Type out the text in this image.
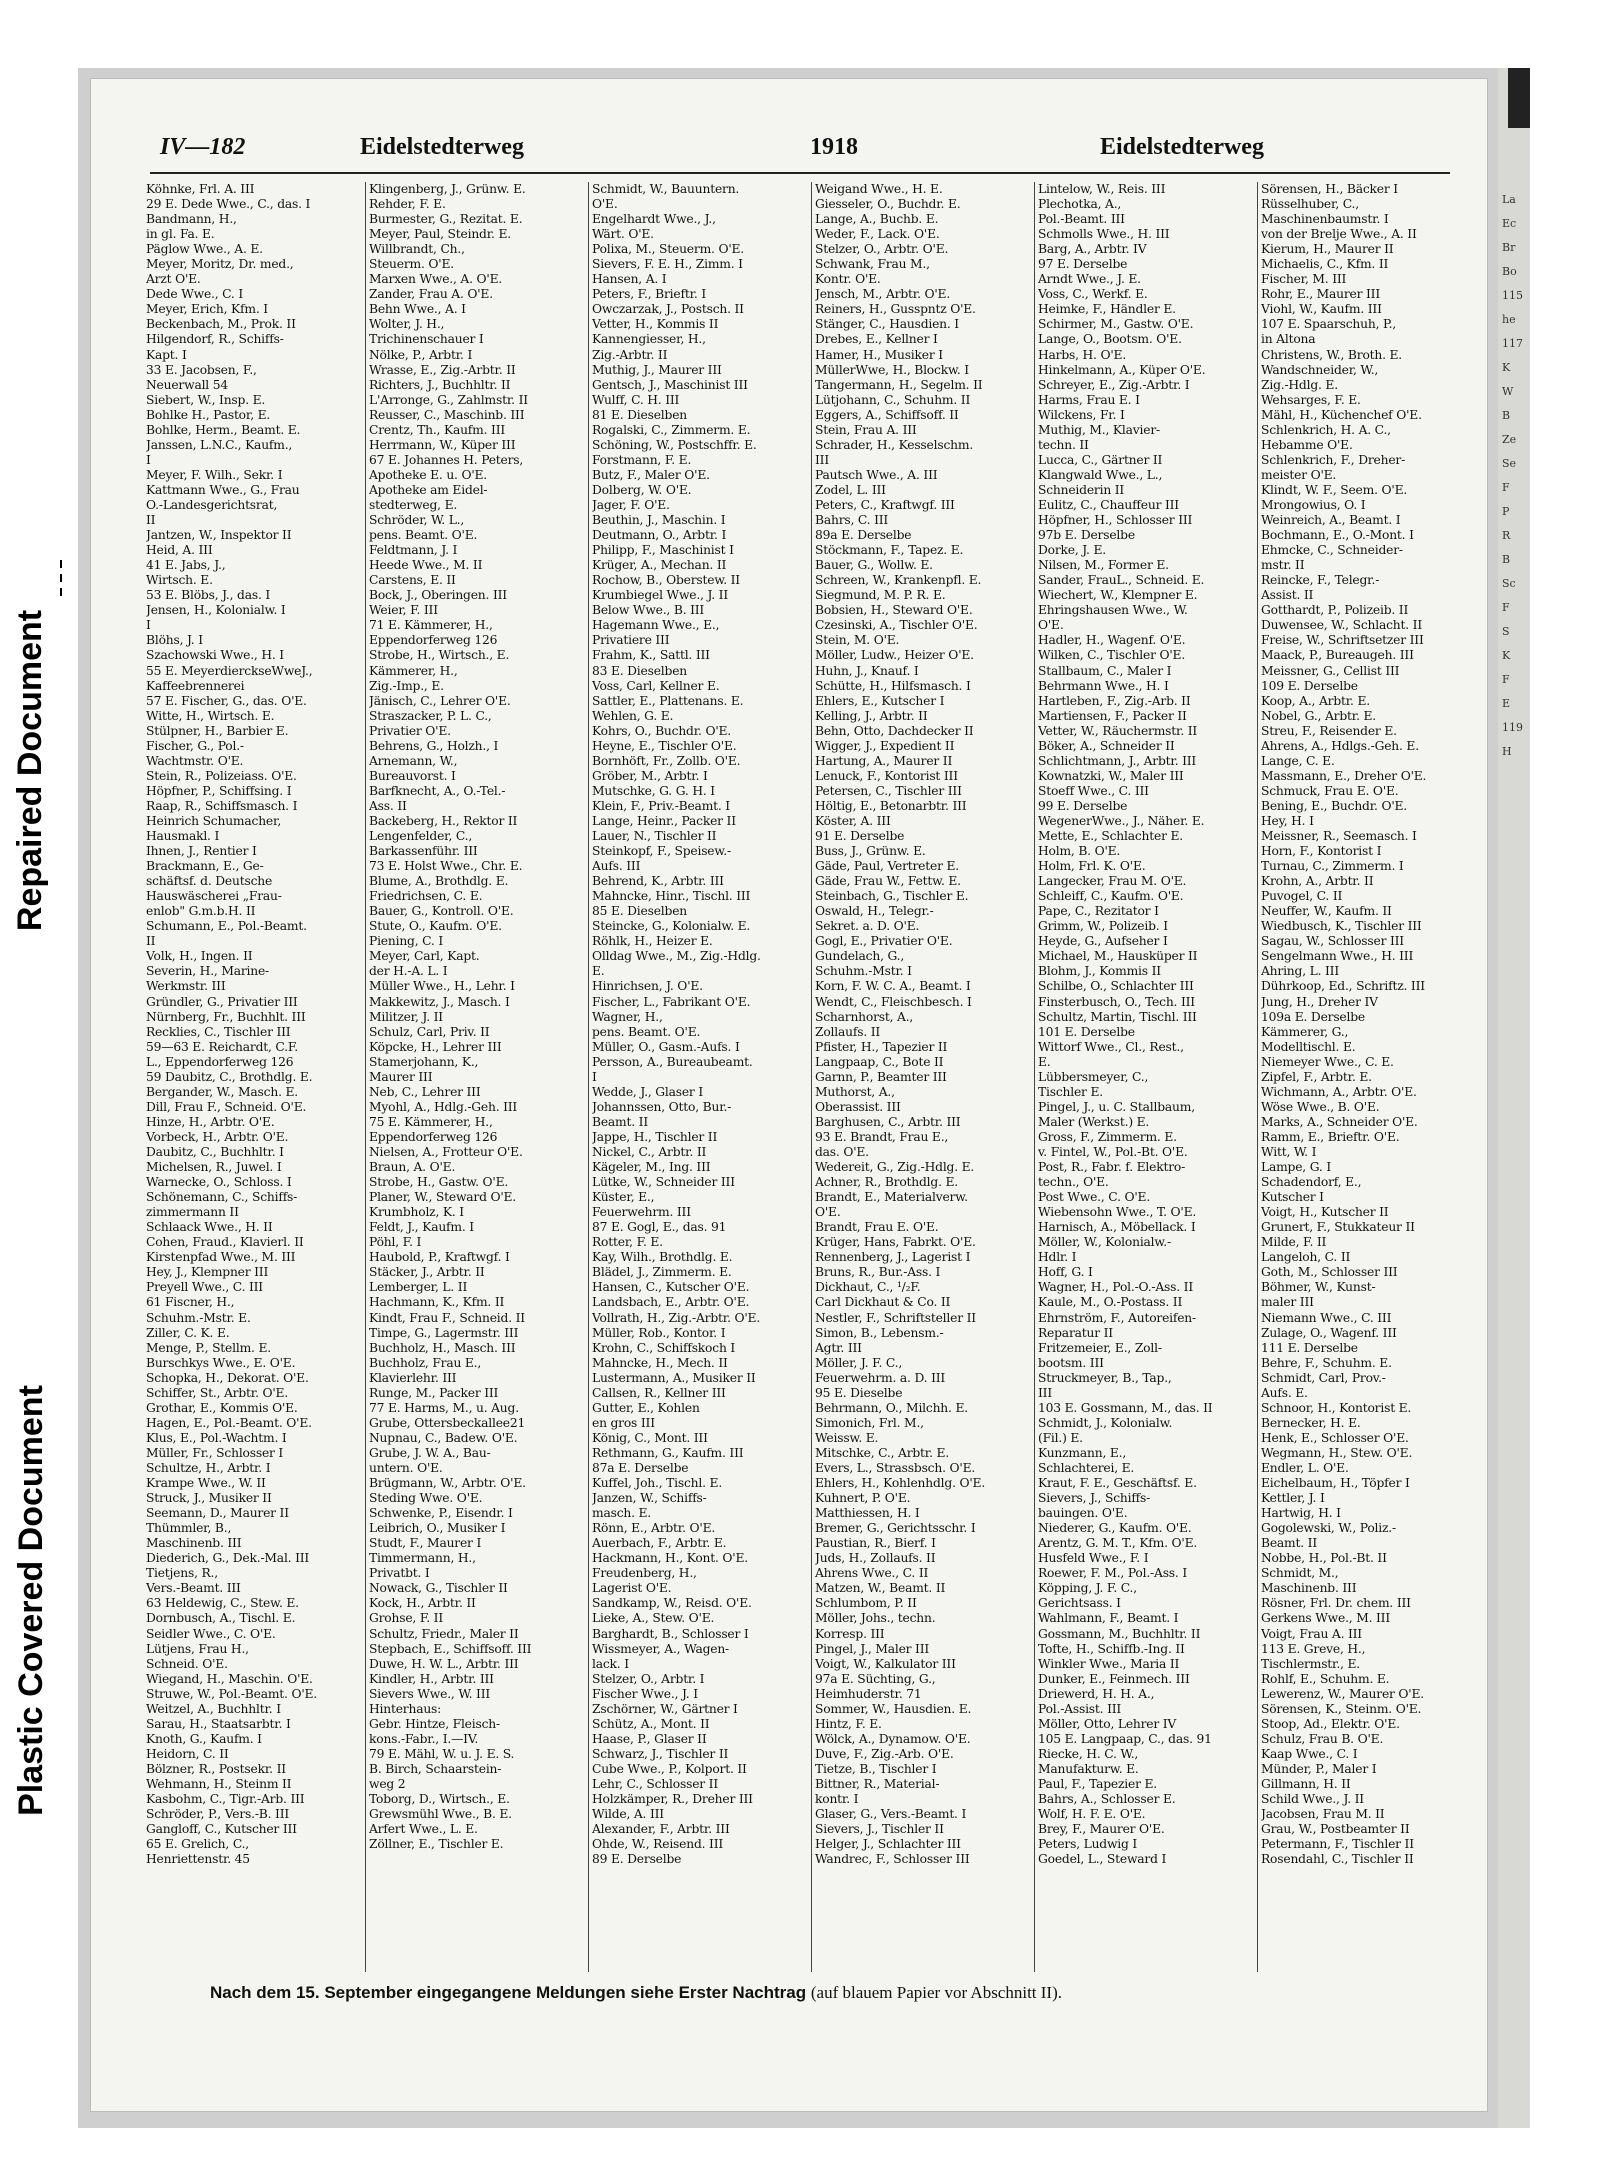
Repaired Document
Plastic Covered Document
IV—182	Eidelstedterweg	1918	Eidelstedterweg
Köhnke, Frl. A. III
29 E. Dede Wwe., C., das. I
Bandmann, H.,
in gl. Fa. E.
Päglow Wwe., A. E.
Meyer, Moritz, Dr. med.,
Arzt O'E.
Dede Wwe., C. I
Meyer, Erich, Kfm. I
Beckenbach, M., Prok. II
Hilgendorf, R., Schiffs-
Kapt. I
33 E. Jacobsen, F.,
Neuerwall 54
Siebert, W., Insp. E.
Bohlke H., Pastor, E.
Bohlke, Herm., Beamt. E.
Janssen, L.N.C., Kaufm.,
I
Meyer, F. Wilh., Sekr. I
Kattmann Wwe., G., Frau
O.-Landesgerichtsrat,
II
Jantzen, W., Inspektor II
Heid, A. III
41 E. Jabs, J.,
Wirtsch. E.
53 E. Blöbs, J., das. I
Jensen, H., Kolonialw. I
I
Blöhs, J. I
Szachowski Wwe., H. I
55 E. MeyerdierckseWweJ.,
Kaffeebrennerei
57 E. Fischer, G., das. O'E.
Witte, H., Wirtsch. E.
Stülpner, H., Barbier E.
Fischer, G., Pol.-
Wachtmstr. O'E.
Stein, R., Polizeiass. O'E.
Höpfner, P., Schiffsing. I
Raap, R., Schiffsmasch. I
Heinrich Schumacher,
Hausmakl. I
Ihnen, J., Rentier I
Brackmann, E., Ge-
schäftsf. d. Deutsche
Hauswäscherei „Frau-
enlob" G.m.b.H. II
Schumann, E., Pol.-Beamt.
II
Volk, H., Ingen. II
Severin, H., Marine-
Werkmstr. III
Gründler, G., Privatier III
Nürnberg, Fr., Buchhlt. III
Recklies, C., Tischler III
59—63 E. Reichardt, C.F.
L., Eppendorferweg 126
59 Daubitz, C., Brothdlg. E.
Bergander, W., Masch. E.
Dill, Frau F., Schneid. O'E.
Hinze, H., Arbtr. O'E.
Vorbeck, H., Arbtr. O'E.
Daubitz, C., Buchhltr. I
Michelsen, R., Juwel. I
Warnecke, O., Schloss. I
Schönemann, C., Schiffs-
zimmermann II
Schlaack Wwe., H. II
Cohen, Fraud., Klavierl. II
Kirstenpfad Wwe., M. III
Hey, J., Klempner III
Preyell Wwe., C. III
61 Fiscner, H.,
Schuhm.-Mstr. E.
Ziller, C. K. E.
Menge, P., Stellm. E.
Burschkys Wwe., E. O'E.
Schopka, H., Dekorat. O'E.
Schiffer, St., Arbtr. O'E.
Grothar, E., Kommis O'E.
Hagen, E., Pol.-Beamt. O'E.
Klus, E., Pol.-Wachtm. I
Müller, Fr., Schlosser I
Schultze, H., Arbtr. I
Krampe Wwe., W. II
Struck, J., Musiker II
Seemann, D., Maurer II
Thümmler, B.,
Maschinenb. III
Diederich, G., Dek.-Mal. III
Tietjens, R.,
Vers.-Beamt. III
63 Heldewig, C., Stew. E.
Dornbusch, A., Tischl. E.
Seidler Wwe., C. O'E.
Lütjens, Frau H.,
Schneid. O'E.
Wiegand, H., Maschin. O'E.
Struwe, W., Pol.-Beamt. O'E.
Weitzel, A., Buchhltr. I
Sarau, H., Staatsarbtr. I
Knoth, G., Kaufm. I
Heidorn, C. II
Bölzner, R., Postsekr. II
Wehmann, H., Steinm II
Kasbohm, C., Tigr.-Arb. III
Schröder, P., Vers.-B. III
Gangloff, C., Kutscher III
65 E. Grelich, C.,
Henriettenstr. 45
Klingenberg, J., Grünw. E.
Rehder, F. E.
Burmester, G., Rezitat. E.
Meyer, Paul, Steindr. E.
Willbrandt, Ch.,
Steuerm. O'E.
Marxen Wwe., A. O'E.
Zander, Frau A. O'E.
Behn Wwe., A. I
Wolter, J. H.,
Trichinenschauer I
Nölke, P., Arbtr. I
Wrasse, E., Zig.-Arbtr. II
Richters, J., Buchhltr. II
L'Arronge, G., Zahlmstr. II
Reusser, C., Maschinb. III
Crentz, Th., Kaufm. III
Herrmann, W., Küper III
67 E. Johannes H. Peters,
Apotheke E. u. O'E.
Apotheke am Eidel-
stedterweg, E.
Schröder, W. L.,
pens. Beamt. O'E.
Feldtmann, J. I
Heede Wwe., M. II
Carstens, E. II
Bock, J., Oberingen. III
Weier, F. III
71 E. Kämmerer, H.,
Eppendorferweg 126
Strobe, H., Wirtsch., E.
Kämmerer, H.,
Zig.-Imp., E.
Jänisch, C., Lehrer O'E.
Straszacker, P. L. C.,
Privatier O'E.
Behrens, G., Holzh., I
Arnemann, W.,
Bureauvorst. I
Barfknecht, A., O.-Tel.-
Ass. II
Backeberg, H., Rektor II
Lengenfelder, C.,
Barkassenführ. III
73 E. Holst Wwe., Chr. E.
Blume, A., Brothdlg. E.
Friedrichsen, C. E.
Bauer, G., Kontroll. O'E.
Stute, O., Kaufm. O'E.
Piening, C. I
Meyer, Carl, Kapt.
der H.-A. L. I
Müller Wwe., H., Lehr. I
Makkewitz, J., Masch. I
Militzer, J. II
Schulz, Carl, Priv. II
Köpcke, H., Lehrer III
Stamerjohann, K.,
Maurer III
Neb, C., Lehrer III
Myohl, A., Hdlg.-Geh. III
75 E. Kämmerer, H.,
Eppendorferweg 126
Nielsen, A., Frotteur O'E.
Braun, A. O'E.
Strobe, H., Gastw. O'E.
Planer, W., Steward O'E.
Krumbholz, K. I
Feldt, J., Kaufm. I
Pöhl, F. I
Haubold, P., Kraftwgf. I
Stäcker, J., Arbtr. II
Lemberger, L. II
Hachmann, K., Kfm. II
Kindt, Frau F., Schneid. II
Timpe, G., Lagermstr. III
Buchholz, H., Masch. III
Buchholz, Frau E.,
Klavierlehr. III
Runge, M., Packer III
77 E. Harms, M., u. Aug.
Grube, Ottersbeckallee21
Nupnau, C., Badew. O'E.
Grube, J. W. A., Bau-
untern. O'E.
Brügmann, W., Arbtr. O'E.
Steding Wwe. O'E.
Schwenke, P., Eisendr. I
Leibrich, O., Musiker I
Studt, F., Maurer I
Timmermann, H.,
Privatbt. I
Nowack, G., Tischler II
Kock, H., Arbtr. II
Grohse, F. II
Schultz, Friedr., Maler II
Stepbach, E., Schiffsoff. III
Duwe, H. W. L., Arbtr. III
Kindler, H., Arbtr. III
Sievers Wwe., W. III
Hinterhaus:
Gebr. Hintze, Fleisch-
kons.-Fabr., I.—IV.
79 E. Mähl, W. u. J. E. S.
B. Birch, Schaarstein-
weg 2
Toborg, D., Wirtsch., E.
Grewsmühl Wwe., B. E.
Arfert Wwe., L. E.
Zöllner, E., Tischler E.
Schmidt, W., Bauuntern.
O'E.
Engelhardt Wwe., J.,
Wärt. O'E.
Polixa, M., Steuerm. O'E.
Sievers, F. E. H., Zimm. I
Hansen, A. I
Peters, F., Brieftr. I
Owczarzak, J., Postsch. II
Vetter, H., Kommis II
Kannengiesser, H.,
Zig.-Arbtr. II
Muthig, J., Maurer III
Gentsch, J., Maschinist III
Wulff, C. H. III
81 E. Dieselben
Rogalski, C., Zimmerm. E.
Schöning, W., Postschffr. E.
Forstmann, F. E.
Butz, F., Maler O'E.
Dolberg, W. O'E.
Jager, F. O'E.
Beuthin, J., Maschin. I
Deutmann, O., Arbtr. I
Philipp, F., Maschinist I
Krüger, A., Mechan. II
Rochow, B., Oberstew. II
Krumbiegel Wwe., J. II
Below Wwe., B. III
Hagemann Wwe., E.,
Privatiere III
Frahm, K., Sattl. III
83 E. Dieselben
Voss, Carl, Kellner E.
Sattler, E., Plattenans. E.
Wehlen, G. E.
Kohrs, O., Buchdr. O'E.
Heyne, E., Tischler O'E.
Bornhöft, Fr., Zollb. O'E.
Gröber, M., Arbtr. I
Mutschke, G. G. H. I
Klein, F., Priv.-Beamt. I
Lange, Heinr., Packer II
Lauer, N., Tischler II
Steinkopf, F., Speisew.-
Aufs. III
Behrend, K., Arbtr. III
Mahncke, Hinr., Tischl. III
85 E. Dieselben
Steincke, G., Kolonialw. E.
Röhlk, H., Heizer E.
Olldag Wwe., M., Zig.-Hdlg.
E.
Hinrichsen, J. O'E.
Fischer, L., Fabrikant O'E.
Wagner, H.,
pens. Beamt. O'E.
Müller, O., Gasm.-Aufs. I
Persson, A., Bureaubeamt.
I
Wedde, J., Glaser I
Johannssen, Otto, Bur.-
Beamt. II
Jappe, H., Tischler II
Nickel, C., Arbtr. II
Kägeler, M., Ing. III
Lütke, W., Schneider III
Küster, E.,
Feuerwehrm. III
87 E. Gogl, E., das. 91
Rotter, F. E.
Kay, Wilh., Brothdlg. E.
Blädel, J., Zimmerm. E.
Hansen, C., Kutscher O'E.
Landsbach, E., Arbtr. O'E.
Vollrath, H., Zig.-Arbtr. O'E.
Müller, Rob., Kontor. I
Krohn, C., Schiffskoch I
Mahncke, H., Mech. II
Lustermann, A., Musiker II
Callsen, R., Kellner III
Gutter, E., Kohlen
en gros III
König, C., Mont. III
Rethmann, G., Kaufm. III
87a E. Derselbe
Kuffel, Joh., Tischl. E.
Janzen, W., Schiffs-
masch. E.
Rönn, E., Arbtr. O'E.
Auerbach, F., Arbtr. E.
Hackmann, H., Kont. O'E.
Freudenberg, H.,
Lagerist O'E.
Sandkamp, W., Reisd. O'E.
Lieke, A., Stew. O'E.
Barghardt, B., Schlosser I
Wissmeyer, A., Wagen-
lack. I
Stelzer, O., Arbtr. I
Fischer Wwe., J. I
Zschörner, W., Gärtner I
Schütz, A., Mont. II
Haase, P., Glaser II
Schwarz, J., Tischler II
Cube Wwe., P., Kolport. II
Lehr, C., Schlosser II
Holzkämper, R., Dreher III
Wilde, A. III
Alexander, F., Arbtr. III
Ohde, W., Reisend. III
89 E. Derselbe
Weigand Wwe., H. E.
Giesseler, O., Buchdr. E.
Lange, A., Buchb. E.
Weder, F., Lack. O'E.
Stelzer, O., Arbtr. O'E.
Schwank, Frau M.,
Kontr. O'E.
Jensch, M., Arbtr. O'E.
Reiners, H., Gusspntz O'E.
Stänger, C., Hausdien. I
Drebes, E., Kellner I
Hamer, H., Musiker I
MüllerWwe, H., Blockw. I
Tangermann, H., Segelm. II
Lütjohann, C., Schuhm. II
Eggers, A., Schiffsoff. II
Stein, Frau A. III
Schrader, H., Kesselschm.
III
Pautsch Wwe., A. III
Zodel, L. III
Peters, C., Kraftwgf. III
Bahrs, C. III
89a E. Derselbe
Stöckmann, F., Tapez. E.
Bauer, G., Wollw. E.
Schreen, W., Krankenpfl. E.
Siegmund, M. P. R. E.
Bobsien, H., Steward O'E.
Czesinski, A., Tischler O'E.
Stein, M. O'E.
Möller, Ludw., Heizer O'E.
Huhn, J., Knauf. I
Schütte, H., Hilfsmasch. I
Ehlers, E., Kutscher I
Kelling, J., Arbtr. II
Behn, Otto, Dachdecker II
Wigger, J., Expedient II
Hartung, A., Maurer II
Lenuck, F., Kontorist III
Petersen, C., Tischler III
Höltig, E., Betonarbtr. III
Köster, A. III
91 E. Derselbe
Buss, J., Grünw. E.
Gäde, Paul, Vertreter E.
Gäde, Frau W., Fettw. E.
Steinbach, G., Tischler E.
Oswald, H., Telegr.-
Sekret. a. D. O'E.
Gogl, E., Privatier O'E.
Gundelach, G.,
Schuhm.-Mstr. I
Korn, F. W. C. A., Beamt. I
Wendt, C., Fleischbesch. I
Scharnhorst, A.,
Zollaufs. II
Pfister, H., Tapezier II
Langpaap, C., Bote II
Garnn, P., Beamter III
Muthorst, A.,
Oberassist. III
Barghusen, C., Arbtr. III
93 E. Brandt, Frau E.,
das. O'E.
Wedereit, G., Zig.-Hdlg. E.
Achner, R., Brothdlg. E.
Brandt, E., Materialverw.
O'E.
Brandt, Frau E. O'E.
Krüger, Hans, Fabrkt. O'E.
Rennenberg, J., Lagerist I
Bruns, R., Bur.-Ass. I
Dickhaut, C., ¹/₂F.
Carl Dickhaut & Co. II
Nestler, F., Schriftsteller II
Simon, B., Lebensm.-
Agtr. III
Möller, J. F. C.,
Feuerwehrm. a. D. III
95 E. Dieselbe
Behrmann, O., Milchh. E.
Simonich, Frl. M.,
Weissw. E.
Mitschke, C., Arbtr. E.
Evers, L., Strassbsch. O'E.
Ehlers, H., Kohlenhdlg. O'E.
Kuhnert, P. O'E.
Matthiessen, H. I
Bremer, G., Gerichtsschr. I
Paustian, R., Bierf. I
Juds, H., Zollaufs. II
Ahrens Wwe., C. II
Matzen, W., Beamt. II
Schlumbom, P. II
Möller, Johs., techn.
Korresp. III
Pingel, J., Maler III
Voigt, W., Kalkulator III
97a E. Süchting, G.,
Heimhuderstr. 71
Sommer, W., Hausdien. E.
Hintz, F. E.
Wölck, A., Dynamow. O'E.
Duve, F., Zig.-Arb. O'E.
Tietze, B., Tischler I
Bittner, R., Material-
kontr. I
Glaser, G., Vers.-Beamt. I
Sievers, J., Tischler II
Helger, J., Schlachter III
Wandrec, F., Schlosser III
Lintelow, W., Reis. III
Plechotka, A.,
Pol.-Beamt. III
Schmolls Wwe., H. III
Barg, A., Arbtr. IV
97 E. Derselbe
Arndt Wwe., J. E.
Voss, C., Werkf. E.
Heimke, F., Händler E.
Schirmer, M., Gastw. O'E.
Lange, O., Bootsm. O'E.
Harbs, H. O'E.
Hinkelmann, A., Küper O'E.
Schreyer, E., Zig.-Arbtr. I
Harms, Frau E. I
Wilckens, Fr. I
Muthig, M., Klavier-
techn. II
Lucca, C., Gärtner II
Klangwald Wwe., L.,
Schneiderin II
Eulitz, C., Chauffeur III
Höpfner, H., Schlosser III
97b E. Derselbe
Dorke, J. E.
Nilsen, M., Former E.
Sander, FrauL., Schneid. E.
Wiechert, W., Klempner E.
Ehringshausen Wwe., W.
O'E.
Hadler, H., Wagenf. O'E.
Wilken, C., Tischler O'E.
Stallbaum, C., Maler I
Behrmann Wwe., H. I
Hartleben, F., Zig.-Arb. II
Martiensen, F., Packer II
Vetter, W., Räuchermstr. II
Böker, A., Schneider II
Schlichtmann, J., Arbtr. III
Kownatzki, W., Maler III
Stoeff Wwe., C. III
99 E. Derselbe
WegenerWwe., J., Näher. E.
Mette, E., Schlachter E.
Holm, B. O'E.
Holm, Frl. K. O'E.
Langecker, Frau M. O'E.
Schleiff, C., Kaufm. O'E.
Pape, C., Rezitator I
Grimm, W., Polizeib. I
Heyde, G., Aufseher I
Michael, M., Hausküper II
Blohm, J., Kommis II
Schilbe, O., Schlachter III
Finsterbusch, O., Tech. III
Schultz, Martin, Tischl. III
101 E. Derselbe
Wittorf Wwe., Cl., Rest.,
E.
Lübbersmeyer, C.,
Tischler E.
Pingel, J., u. C. Stallbaum,
Maler (Werkst.) E.
Gross, F., Zimmerm. E.
v. Fintel, W., Pol.-Bt. O'E.
Post, R., Fabr. f. Elektro-
techn., O'E.
Post Wwe., C. O'E.
Wiebensohn Wwe., T. O'E.
Harnisch, A., Möbellack. I
Möller, W., Kolonialw.-
Hdlr. I
Hoff, G. I
Wagner, H., Pol.-O.-Ass. II
Kaule, M., O.-Postass. II
Ehrnström, F., Autoreifen-
Reparatur II
Fritzemeier, E., Zoll-
bootsm. III
Struckmeyer, B., Tap.,
III
103 E. Gossmann, M., das. II
Schmidt, J., Kolonialw.
(Fil.) E.
Kunzmann, E.,
Schlachterei, E.
Kraut, F. E., Geschäftsf. E.
Sievers, J., Schiffs-
bauingen. O'E.
Niederer, G., Kaufm. O'E.
Arentz, G. M. T., Kfm. O'E.
Husfeld Wwe., F. I
Roewer, F. M., Pol.-Ass. I
Köpping, J. F. C.,
Gerichtsass. I
Wahlmann, F., Beamt. I
Gossmann, M., Buchhltr. II
Tofte, H., Schiffb.-Ing. II
Winkler Wwe., Maria II
Dunker, E., Feinmech. III
Driewerd, H. H. A.,
Pol.-Assist. III
Möller, Otto, Lehrer IV
105 E. Langpaap, C., das. 91
Riecke, H. C. W.,
Manufakturw. E.
Paul, F., Tapezier E.
Bahrs, A., Schlosser E.
Wolf, H. F. E. O'E.
Brey, F., Maurer O'E.
Peters, Ludwig I
Goedel, L., Steward I
Sörensen, H., Bäcker I
Rüsselhuber, C.,
Maschinenbaumstr. I
von der Brelje Wwe., A. II
Kierum, H., Maurer II
Michaelis, C., Kfm. II
Fischer, M. III
Rohr, E., Maurer III
Viohl, W., Kaufm. III
107 E. Spaarschuh, P.,
in Altona
Christens, W., Broth. E.
Wandschneider, W.,
Zig.-Hdlg. E.
Wehsarges, F. E.
Mähl, H., Küchenchef O'E.
Schlenkrich, H. A. C.,
Hebamme O'E.
Schlenkrich, F., Dreher-
meister O'E.
Klindt, W. F., Seem. O'E.
Mrongowius, O. I
Weinreich, A., Beamt. I
Bochmann, E., O.-Mont. I
Ehmcke, C., Schneider-
mstr. II
Reincke, F., Telegr.-
Assist. II
Gotthardt, P., Polizeib. II
Duwensee, W., Schlacht. II
Freise, W., Schriftsetzer III
Maack, P., Bureaugeh. III
Meissner, G., Cellist III
109 E. Derselbe
Koop, A., Arbtr. E.
Nobel, G., Arbtr. E.
Streu, F., Reisender E.
Ahrens, A., Hdlgs.-Geh. E.
Lange, C. E.
Massmann, E., Dreher O'E.
Schmuck, Frau E. O'E.
Bening, E., Buchdr. O'E.
Hey, H. I
Meissner, R., Seemasch. I
Horn, F., Kontorist I
Turnau, C., Zimmerm. I
Krohn, A., Arbtr. II
Puvogel, C. II
Neuffer, W., Kaufm. II
Wiedbusch, K., Tischler III
Sagau, W., Schlosser III
Sengelmann Wwe., H. III
Ahring, L. III
Dührkoop, Ed., Schriftz. III
Jung, H., Dreher IV
109a E. Derselbe
Kämmerer, G.,
Modelltischl. E.
Niemeyer Wwe., C. E.
Zipfel, F., Arbtr. E.
Wichmann, A., Arbtr. O'E.
Wöse Wwe., B. O'E.
Marks, A., Schneider O'E.
Ramm, E., Brieftr. O'E.
Witt, W. I
Lampe, G. I
Schadendorf, E.,
Kutscher I
Voigt, H., Kutscher II
Grunert, F., Stukkateur II
Milde, F. II
Langeloh, C. II
Goth, M., Schlosser III
Böhmer, W., Kunst-
maler III
Niemann Wwe., C. III
Zulage, O., Wagenf. III
111 E. Derselbe
Behre, F., Schuhm. E.
Schmidt, Carl, Prov.-
Aufs. E.
Schnoor, H., Kontorist E.
Bernecker, H. E.
Henk, E., Schlosser O'E.
Wegmann, H., Stew. O'E.
Endler, L. O'E.
Eichelbaum, H., Töpfer I
Kettler, J. I
Hartwig, H. I
Gogolewski, W., Poliz.-
Beamt. II
Nobbe, H., Pol.-Bt. II
Schmidt, M.,
Maschinenb. III
Rösner, Frl. Dr. chem. III
Gerkens Wwe., M. III
Voigt, Frau A. III
113 E. Greve, H.,
Tischlermstr., E.
Rohlf, E., Schuhm. E.
Lewerenz, W., Maurer O'E.
Sörensen, K., Steinm. O'E.
Stoop, Ad., Elektr. O'E.
Schulz, Frau B. O'E.
Kaap Wwe., C. I
Münder, P., Maler I
Gillmann, H. II
Schild Wwe., J. II
Jacobsen, Frau M. II
Grau, W., Postbeamter II
Petermann, F., Tischler II
Rosendahl, C., Tischler II
Nach dem 15. September eingegangene Meldungen siehe Erster Nachtrag (auf blauem Papier vor Abschnitt II).
La
Ec
Br
Bo
115
he
117
K
W
B
Ze
Se
F
P
R
B
Sc
F
S
K
F
E
119
H
